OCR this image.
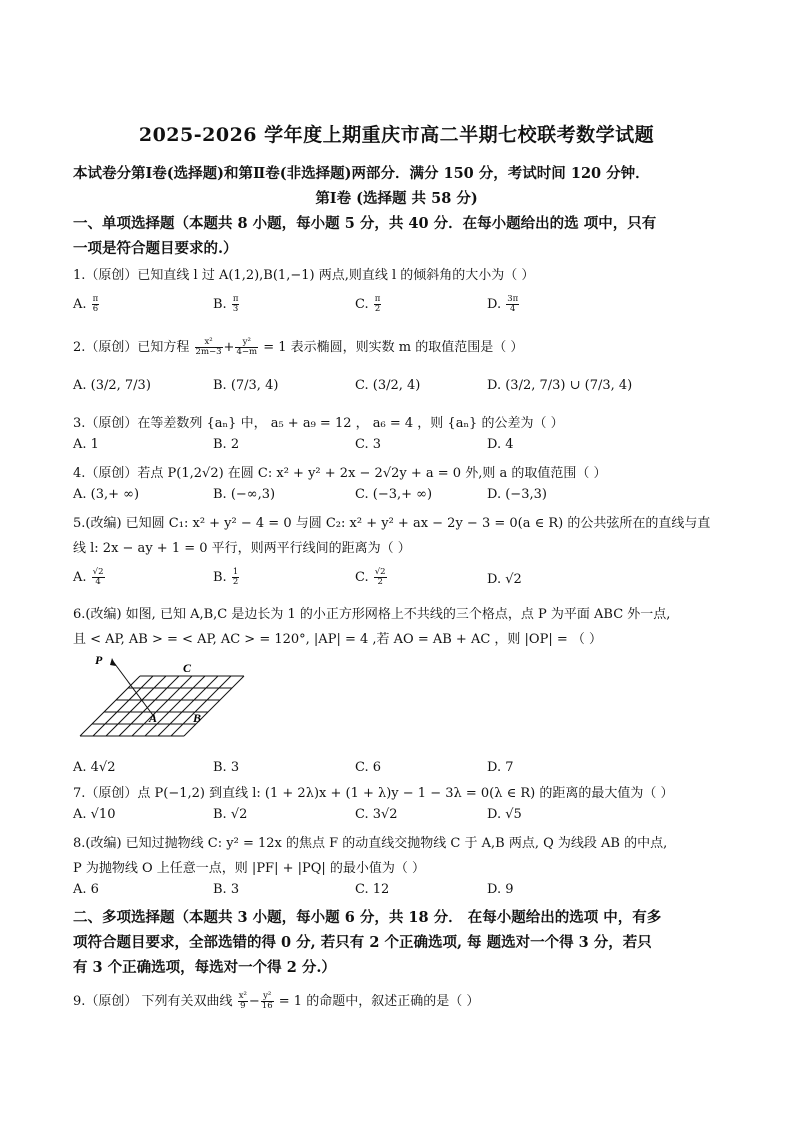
2025-2026 学年度上期重庆市高二半期七校联考数学试题
本试卷分第Ⅰ卷(选择题)和第Ⅱ卷(非选择题)两部分．满分 150 分，考试时间 120 分钟．
第Ⅰ卷 (选择题 共 58 分)
一、单项选择题（本题共 8 小题，每小题 5 分，共 40 分．在每小题给出的选 项中，只有
一项是符合题目要求的.）
1.（原创）已知直线 l 过 A(1,2),B(1,−1) 两点,则直线 l 的倾斜角的大小为（ ）
A. $\frac{\pi}{6}$	B. $\frac{\pi}{3}$	C. $\frac{\pi}{2}$	D. $\frac{3\pi}{4}$
2.（原创）已知方程 $\frac{\text{x²}}{2m-3} + \frac{\text{y²}}{4-m} = 1$ 表示椭圆，则实数 m 的取值范围是（ ）
A. (3/2, 7/3)	B. (7/3, 4)	C. (3/2, 4)	D. (3/2, 7/3) ∪ (7/3, 4)
3.（原创）在等差数列 {aₙ} 中， a₅ + a₉ = 12 ， a₆ = 4 ，则 {aₙ} 的公差为（ ）
A. 1	B. 2	C. 3	D. 4
4.（原创）若点 P(1,2√2) 在圆 C: x² + y² + 2x − 2√2y + a = 0 外,则 a 的取值范围（ ）
A. (3,+ ∞)	B. (−∞,3)	C. (−3,+ ∞)	D. (−3,3)
5.(改编) 已知圆 C₁: x² + y² − 4 = 0 与圆 C₂: x² + y² + ax − 2y − 3 = 0(a ∈ R) 的公共弦所在的直线与直
线 l: 2x − ay + 1 = 0 平行，则两平行线间的距离为（ ）
A. $\frac{√2}{4}$	B. $\frac{1}{2}$	C. $\frac{√2}{2}$	D. √2
6.(改编) 如图, 已知 A,B,C 是边长为 1 的小正方形网格上不共线的三个格点，点 P 为平面 ABC 外一点,
且 < AP, AB > = < AP, AC > = 120°, |AP| = 4 ,若 AO = AB + AC ，则 |OP| = （ ）
P
C
A	B
A. 4√2	B. 3	C. 6	D. 7
7.（原创）点 P(−1,2) 到直线 l: (1 + 2λ)x + (1 + λ)y − 1 − 3λ = 0(λ ∈ R) 的距离的最大值为（ ）
A. √10	B. √2	C. 3√2	D. √5
8.(改编) 已知过抛物线 C: y² = 12x 的焦点 F 的动直线交抛物线 C 于 A,B 两点, Q 为线段 AB 的中点,
P 为抛物线 O 上任意一点，则 |PF| + |PQ| 的最小值为（ ）
A. 6	B. 3	C. 12	D. 9
二、多项选择题（本题共 3 小题，每小题 6 分，共 18 分． 在每小题给出的选项 中，有多
项符合题目要求，全部选错的得 0 分, 若只有 2 个正确选项, 每 题选对一个得 3 分，若只
有 3 个正确选项，每选对一个得 2 分.）
9.（原创） 下列有关双曲线 $\frac{\text{x²}}{9} - \frac{\text{y²}}{16} = 1$ 的命题中，叙述正确的是（ ）
